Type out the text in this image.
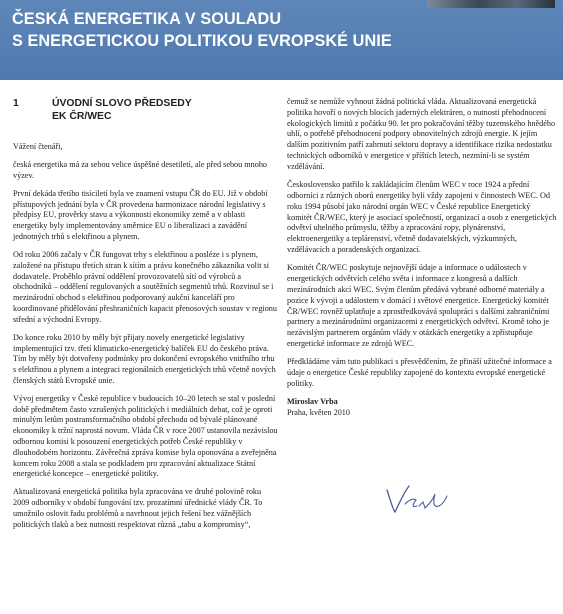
ČESKÁ ENERGETIKA V SOULADU
S ENERGETICKOU POLITIKOU EVROPSKÉ UNIE
1	ÚVODNÍ SLOVO PŘEDSEDY
EK ČR/WEC

Vážení čtenáři,

česká energetika má za sebou velice úspěšné desetiletí, ale před sebou mnoho výzev.

První dekáda třetího tisíciletí byla ve znamení vstupu ČR do EU. Již v období přístupových jednání byla v ČR provedena harmonizace národní legislativy s předpisy EU, prověrky stavu a výkonnosti ekonomiky země a v oblasti energetiky byly implementovány směrnice EU o liberalizaci a zavádění jednotných trhů s elektřinou a plynem.

Od roku 2006 začaly v ČR fungovat trhy s elektřinou a posléze i s plynem, založené na přístupu třetích stran k sítím a právu konečného zákazníka volit si dodavatele. Proběhlo právní oddělení provozovatelů sítí od výrobců a obchodníků – oddělení regulovaných a soutěžních segmentů trhů. Rozvinul se i mezinárodní obchod s elektřinou podporovaný aukční kanceláří pro koordinované přidělování přeshraničních kapacit přenosových soustav v regionu střední a východní Evropy.

Do konce roku 2010 by měly být přijaty novely energetické legislativy implementující tzv. třetí klimaticko-energetický balíček EU do českého práva. Tím by měly být dotvořeny podmínky pro dokončení evropského vnitřního trhu s elektřinou a plynem a integraci regionálních energetických trhů včetně nových členských států Evropské unie.

Vývoj energetiky v České republice v budoucích 10–20 letech se stal v poslední době předmětem často vzrušených politických i mediálních debat, což je oproti minulým letům postransformačního období přechodu od bývalé plánované ekonomiky k tržní naprostá novum. Vláda ČR v roce 2007 ustanovila nezávislou odbornou komisi k posouzení energetických potřeb České republiky v dlouhodobém horizontu. Závěrečná zpráva komise byla oponována a zveřejněna koncem roku 2008 a stala se podkladem pro zpracování aktualizace Státní energetické koncepce – energetické politiky.

Aktualizovaná energetická politika byla zpracována ve druhé polovině roku 2009 odborníky v období fungování tzv. prozatímní úřednické vlády ČR. To umožnilo oslovit řadu problémů a navrhnout jejich řešení bez vážnějších politických tlaků a bez nutnosti respektovat různá „tabu a kompromisy“,

čemuž se nemůže vyhnout žádná politická vláda. Aktualizovaná energetická politika hovoří o nových blocích jaderných elektráren, o nutnosti přehodnocení ekologických limitů z počátku 90. let pro pokračování těžby tuzemského hnědého uhlí, o potřebě přehodnocení podpory obnovitelných zdrojů energie. K jejím dalším pozitivním patří zahrnutí sektoru dopravy a identifikace rizika nedostatku technických odborníků v energetice v příštích letech, nezmíní-li se systém vzdělávání.

Československo patřilo k zakládajícím členům WEC v roce 1924 a přední odborníci z různých oborů energetiky byli vždy zapojeni v činnostech WEC. Od roku 1994 působí jako národní orgán WEC v České republice Energetický komitét ČR/WEC, který je asociací společností, organizací a osob z energetických odvětví uhelného průmyslu, těžby a zpracování ropy, plynárenství, elektroenergetiky a teplárenství, včetně dodavatelských, výzkumných, vzdělávacích a poradenských organizací.

Komitét ČR/WEC poskytuje nejnovější údaje a informace o událostech v energetických odvětvích celého světa i informace z kongresů a dalších mezinárodních akcí WEC. Svým členům předává vybrané odborné materiály a pozice k vývoji a událostem v domácí i světové energetice. Energetický komitét ČR/WEC rovněž uplatňuje a zprostředkovává spolupráci s dalšími zahraničními partnery a mezinárodními organizacemi z energetických odvětví. Kromě toho je nezávislým partnerem orgánům vlády v otázkách energetiky a zpřístupňuje energetické informace ze zdrojů WEC.

Předkládáme vám tuto publikaci s přesvědčením, že přináší užitečné informace a údaje o energetice České republiky zapojené do kontextu evropské energetické politiky.

Miroslav Vrba
Praha, květen 2010
